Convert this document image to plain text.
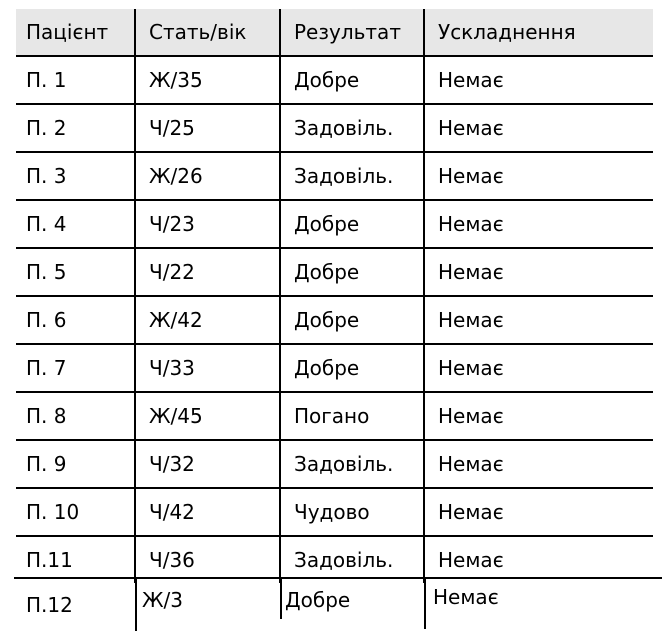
Пацієнт Стать/вік Результат Ускладнення
П. 1	Ж/35	Добре	Немає
П. 2	Ч/25	Задовіль. Немає
П. 3	Ж/26	Задовіль. Немає
П. 4	Ч/23	Добре	Немає
П. 5	Ч/22	Добре	Немає
П. 6	Ж/42	Добре	Немає
П. 7	Ч/33	Добре	Немає
П. 8	Ж/45	Погано	Немає
П. 9	Ч/32	Задовіль. Немає
П. 10	Ч/42	Чудово	Немає
П.11	Ч/36	Задовіль. Немає
П.12	Ж/3	Добре	Немає
